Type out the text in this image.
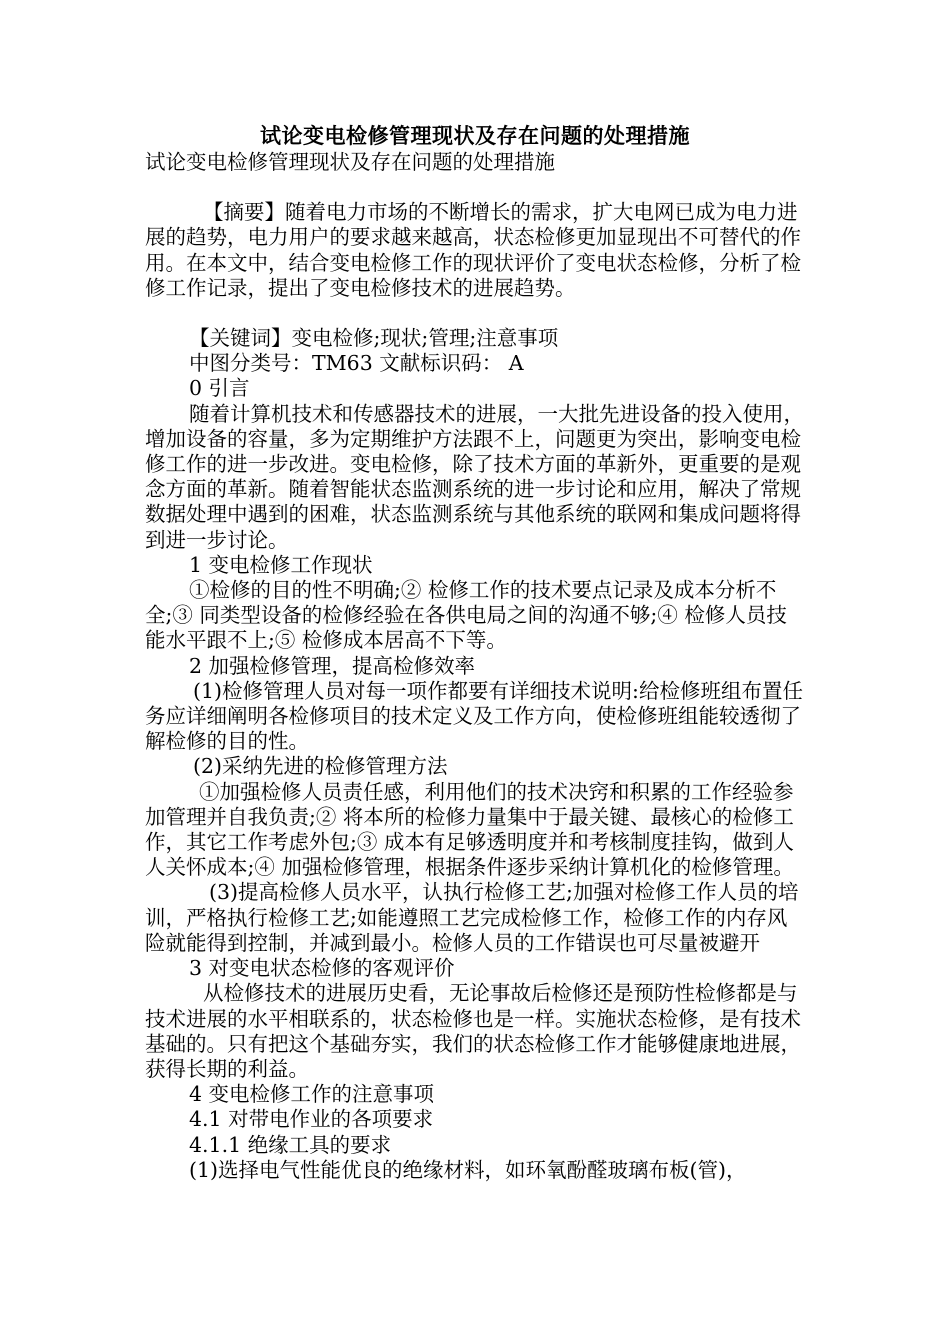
试论变电检修管理现状及存在问题的处理措施

试论变电检修管理现状及存在问题的处理措施

【摘要】随着电力市场的不断增长的需求，扩大电网已成为电力进展的趋势，电力用户的要求越来越高，状态检修更加显现出不可替代的作用。在本文中，结合变电检修工作的现状评价了变电状态检修，分析了检修工作记录，提出了变电检修技术的进展趋势。

【关键词】变电检修;现状;管理;注意事项

中图分类号：TM63 文献标识码： A

0 引言

随着计算机技术和传感器技术的进展，一大批先进设备的投入使用，增加设备的容量，多为定期维护方法跟不上，问题更为突出，影响变电检修工作的进一步改进。变电检修，除了技术方面的革新外，更重要的是观念方面的革新。随着智能状态监测系统的进一步讨论和应用，解决了常规数据处理中遇到的困难，状态监测系统与其他系统的联网和集成问题将得到进一步讨论。

1 变电检修工作现状

①检修的目的性不明确;② 检修工作的技术要点记录及成本分析不全;③ 同类型设备的检修经验在各供电局之间的沟通不够;④ 检修人员技能水平跟不上;⑤ 检修成本居高不下等。

2 加强检修管理，提高检修效率

(1)检修管理人员对每一项作都要有详细技术说明:给检修班组布置任务应详细阐明各检修项目的技术定义及工作方向，使检修班组能较透彻了解检修的目的性。

(2)采纳先进的检修管理方法

①加强检修人员责任感，利用他们的技术决窍和积累的工作经验参加管理并自我负责;② 将本所的检修力量集中于最关键、最核心的检修工作，其它工作考虑外包;③ 成本有足够透明度并和考核制度挂钩，做到人人关怀成本;④ 加强检修管理，根据条件逐步采纳计算机化的检修管理。

(3)提高检修人员水平，认执行检修工艺;加强对检修工作人员的培训，严格执行检修工艺;如能遵照工艺完成检修工作，检修工作的内存风险就能得到控制，并减到最小。检修人员的工作错误也可尽量被避开

3 对变电状态检修的客观评价

从检修技术的进展历史看，无论事故后检修还是预防性检修都是与技术进展的水平相联系的，状态检修也是一样。实施状态检修，是有技术基础的。只有把这个基础夯实，我们的状态检修工作才能够健康地进展，获得长期的利益。

4 变电检修工作的注意事项

4.1 对带电作业的各项要求

4.1.1 绝缘工具的要求

(1)选择电气性能优良的绝缘材料，如环氧酚醛玻璃布板(管)，
